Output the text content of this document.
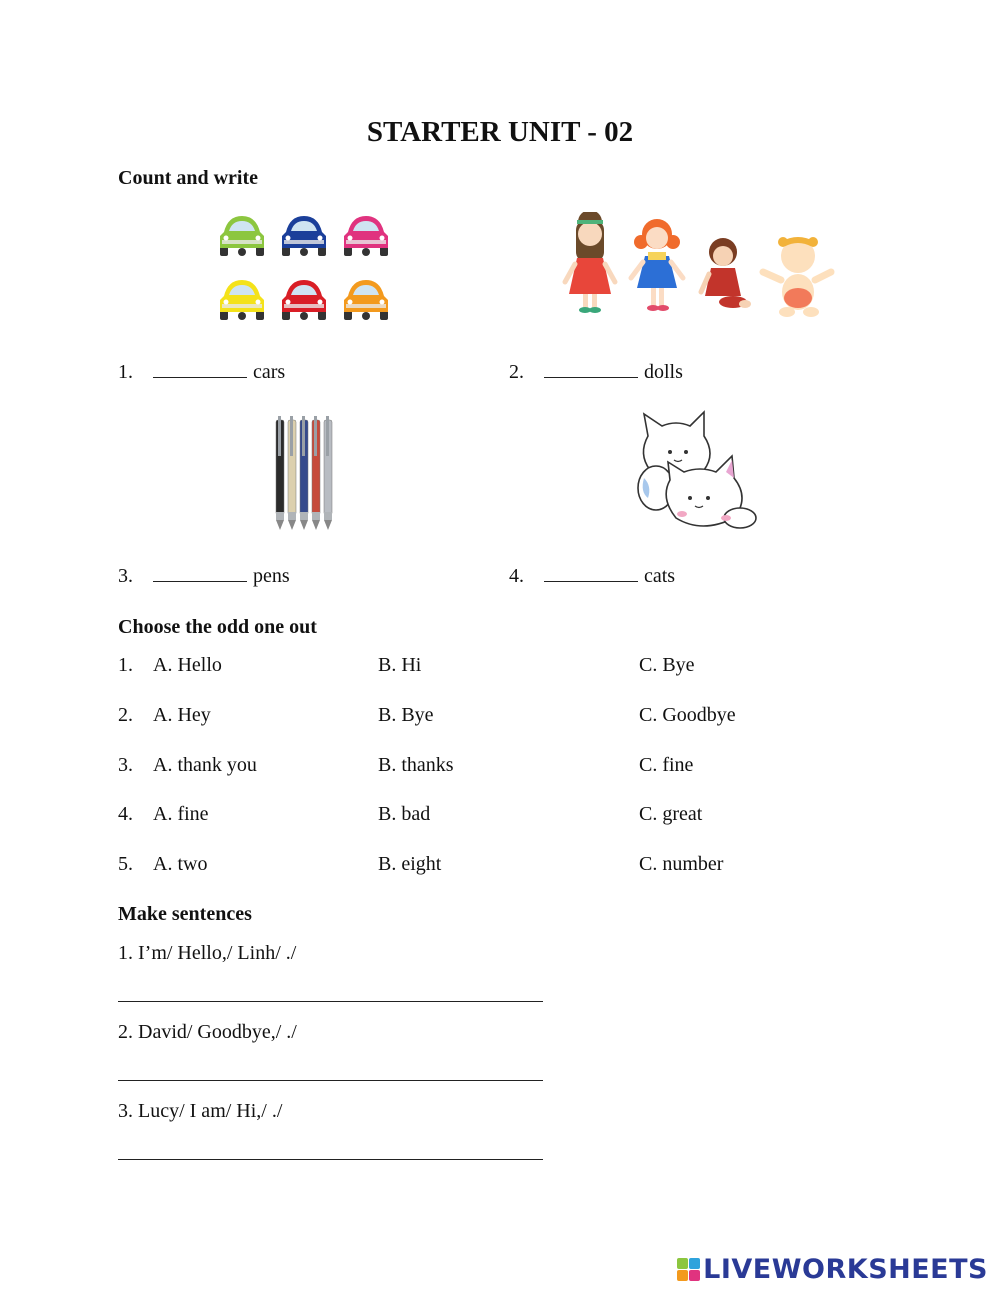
STARTER UNIT - 02
Count and write
1.	cars	2.	dolls
3.	pens	4.	cats
Choose the odd one out
1. A. Hello	B. Hi	C. Bye
2. A. Hey	B. Bye	C. Goodbye
3. A. thank you	B. thanks	C. fine
4. A. fine	B. bad	C. great
5. A. two	B. eight	C. number
Make sentences
1. I’m/ Hello,/ Linh/ ./
2. David/ Goodbye,/ ./
3. Lucy/ I am/ Hi,/ ./
LIVEWORKSHEETS
